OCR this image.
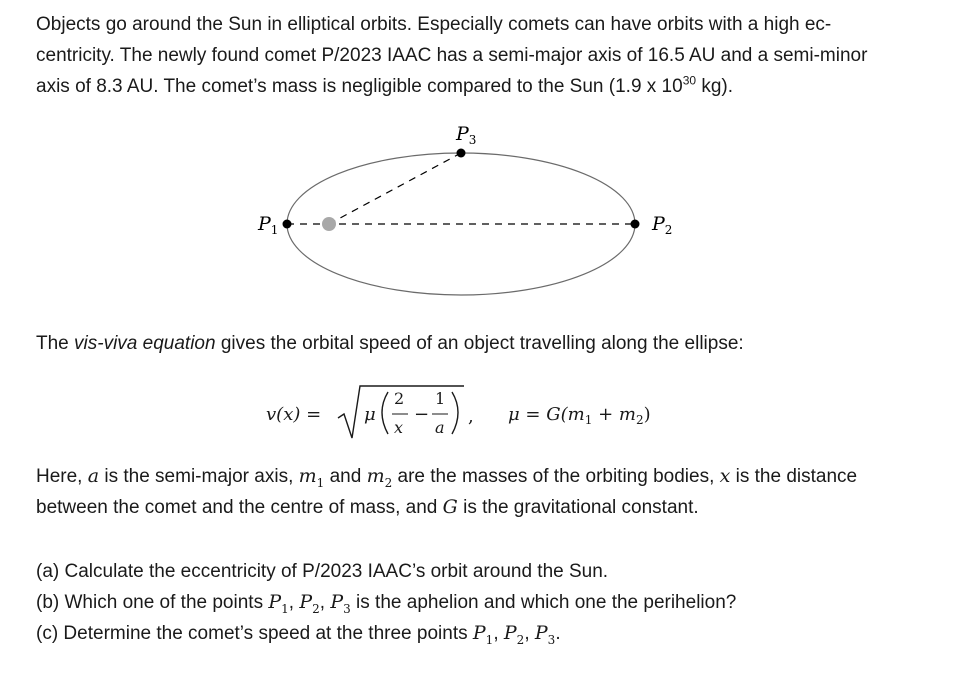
Objects go around the Sun in elliptical orbits. Especially comets can have orbits with a high ec-
centricity. The newly found comet P/2023 IAAC has a semi-major axis of 16.5 AU and a semi-minor
axis of 8.3 AU. The comet’s mass is negligible compared to the Sun (1.9 x $10^{30}$ kg).

$P_1$	$P_2$
$P_3$

The vis-viva equation gives the orbital speed of an object travelling along the ellipse:

v(x) = μ
2
x
−
1
a
, $\mu = G(m_1 + m_2)$

Here, a is the semi-major axis, $m_1$ and $m_2$ are the masses of the orbiting bodies, x is the distance
between the comet and the centre of mass, and G is the gravitational constant.

(a) Calculate the eccentricity of P/2023 IAAC’s orbit around the Sun.
(b) Which one of the points $P_1$, $P_2$, $P_3$ is the aphelion and which one the perihelion?
(c) Determine the comet’s speed at the three points $P_1$, $P_2$, $P_3$.
